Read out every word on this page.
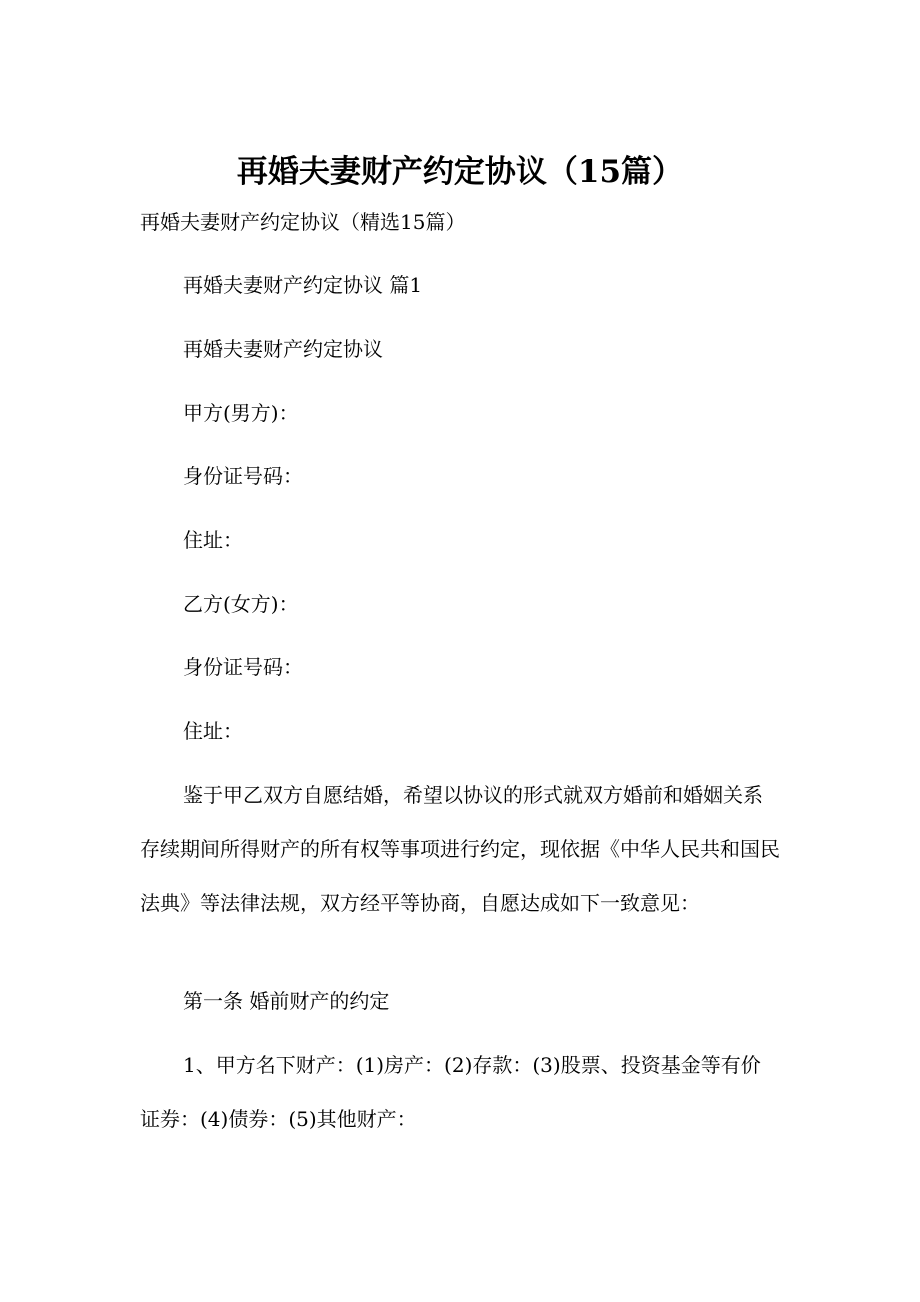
再婚夫妻财产约定协议（15篇）
再婚夫妻财产约定协议（精选15篇）
再婚夫妻财产约定协议 篇1
再婚夫妻财产约定协议
甲方(男方)：
身份证号码：
住址：
乙方(女方)：
身份证号码：
住址：
鉴于甲乙双方自愿结婚，希望以协议的形式就双方婚前和婚姻关系存续期间所得财产的所有权等事项进行约定，现依据《中华人民共和国民法典》等法律法规，双方经平等协商，自愿达成如下一致意见：
第一条 婚前财产的约定
1、甲方名下财产：(1)房产：(2)存款：(3)股票、投资基金等有价证券：(4)债券：(5)其他财产：
